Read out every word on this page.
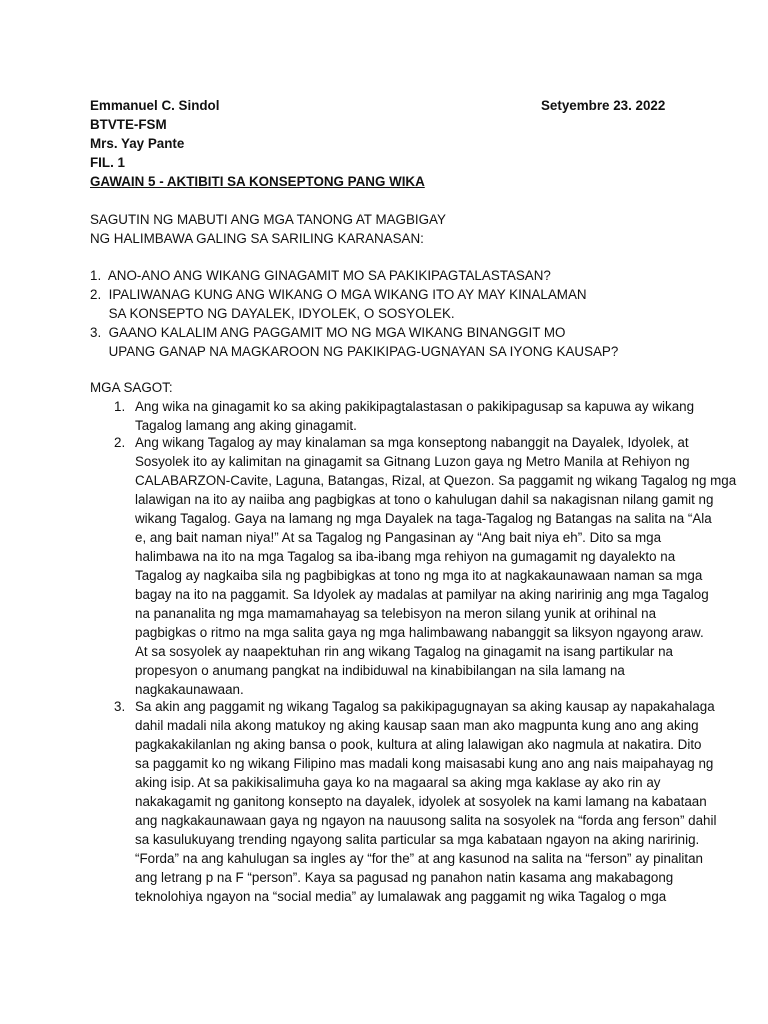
Emmanuel C. Sindol	Setyembre 23. 2022
BTVTE-FSM
Mrs. Yay Pante
FIL. 1
GAWAIN 5 - AKTIBITI SA KONSEPTONG PANG WIKA
SAGUTIN NG MABUTI ANG MGA TANONG AT MAGBIGAY
NG HALIMBAWA GALING SA SARILING KARANASAN:
1.  ANO-ANO ANG WIKANG GINAGAMIT MO SA PAKIKIPAGTALASTASAN?
2.  IPALIWANAG KUNG ANG WIKANG O MGA WIKANG ITO AY MAY KINALAMAN
SA KONSEPTO NG DAYALEK, IDYOLEK, O SOSYOLEK.
3.  GAANO KALALIM ANG PAGGAMIT MO NG MGA WIKANG BINANGGIT MO
UPANG GANAP NA MAGKAROON NG PAKIKIPAG-UGNAYAN SA IYONG KAUSAP?
MGA SAGOT:
1. Ang wika na ginagamit ko sa aking pakikipagtalastasan o pakikipagusap sa kapuwa ay wikang
Tagalog lamang ang aking ginagamit.
2. Ang wikang Tagalog ay may kinalaman sa mga konseptong nabanggit na Dayalek, Idyolek, at
Sosyolek ito ay kalimitan na ginagamit sa Gitnang Luzon gaya ng Metro Manila at Rehiyon ng
CALABARZON-Cavite, Laguna, Batangas, Rizal, at Quezon. Sa paggamit ng wikang Tagalog ng mga
lalawigan na ito ay naiiba ang pagbigkas at tono o kahulugan dahil sa nakagisnan nilang gamit ng
wikang Tagalog. Gaya na lamang ng mga Dayalek na taga-Tagalog ng Batangas na salita na “Ala
e, ang bait naman niya!” At sa Tagalog ng Pangasinan ay “Ang bait niya eh”. Dito sa mga
halimbawa na ito na mga Tagalog sa iba-ibang mga rehiyon na gumagamit ng dayalekto na
Tagalog ay nagkaiba sila ng pagbibigkas at tono ng mga ito at nagkakaunawaan naman sa mga
bagay na ito na paggamit. Sa Idyolek ay madalas at pamilyar na aking naririnig ang mga Tagalog
na pananalita ng mga mamamahayag sa telebisyon na meron silang yunik at orihinal na
pagbigkas o ritmo na mga salita gaya ng mga halimbawang nabanggit sa liksyon ngayong araw.
At sa sosyolek ay naapektuhan rin ang wikang Tagalog na ginagamit na isang partikular na
propesyon o anumang pangkat na indibiduwal na kinabibilangan na sila lamang na
nagkakaunawaan.
3. Sa akin ang paggamit ng wikang Tagalog sa pakikipagugnayan sa aking kausap ay napakahalaga
dahil madali nila akong matukoy ng aking kausap saan man ako magpunta kung ano ang aking
pagkakakilanlan ng aking bansa o pook, kultura at aling lalawigan ako nagmula at nakatira. Dito
sa paggamit ko ng wikang Filipino mas madali kong maisasabi kung ano ang nais maipahayag ng
aking isip. At sa pakikisalimuha gaya ko na magaaral sa aking mga kaklase ay ako rin ay
nakakagamit ng ganitong konsepto na dayalek, idyolek at sosyolek na kami lamang na kabataan
ang nagkakaunawaan gaya ng ngayon na nauusong salita na sosyolek na “forda ang ferson” dahil
sa kasulukuyang trending ngayong salita particular sa mga kabataan ngayon na aking naririnig.
“Forda” na ang kahulugan sa ingles ay “for the” at ang kasunod na salita na “ferson” ay pinalitan
ang letrang p na F “person”. Kaya sa pagusad ng panahon natin kasama ang makabagong
teknolohiya ngayon na “social media” ay lumalawak ang paggamit ng wika Tagalog o mga
